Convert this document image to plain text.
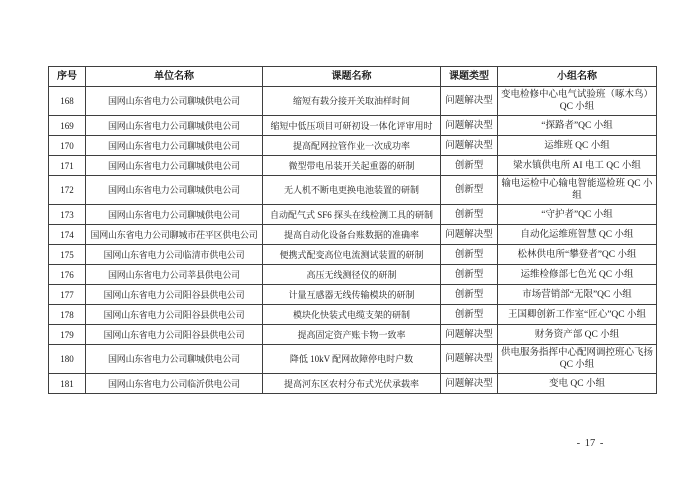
序号	单位名称	课题名称	课题类型	小组名称
168	国网山东省电力公司聊城供电公司	缩短有载分接开关取油样时间	问题解决型	变电检修中心电气试验班（啄木鸟）QC 小组
169	国网山东省电力公司聊城供电公司	缩短中低压项目可研初设一体化评审用时	问题解决型	“探路者”QC 小组
170	国网山东省电力公司聊城供电公司	提高配网拉管作业一次成功率	问题解决型	运维班 QC 小组
171	国网山东省电力公司聊城供电公司	微型带电吊装开关起重器的研制	创新型	梁水镇供电所 AI 电工 QC 小组
172	国网山东省电力公司聊城供电公司	无人机不断电更换电池装置的研制	创新型	输电运检中心输电智能巡检班 QC 小组
173	国网山东省电力公司聊城供电公司	自动配气式 SF6 探头在线检测工具的研制	创新型	“守护者”QC 小组
174	国网山东省电力公司聊城市茌平区供电公司	提高自动化设备台账数据的准确率	问题解决型	自动化运维班智慧 QC 小组
175	国网山东省电力公司临清市供电公司	便携式配变高位电流测试装置的研制	创新型	松林供电所“攀登者”QC 小组
176	国网山东省电力公司莘县供电公司	高压无线测径仪的研制	创新型	运维检修部七色光 QC 小组
177	国网山东省电力公司阳谷县供电公司	计量互感器无线传输模块的研制	创新型	市场营销部“无限”QC 小组
178	国网山东省电力公司阳谷县供电公司	模块化快装式电缆支架的研制	创新型	王国卿创新工作室“匠心”QC 小组
179	国网山东省电力公司阳谷县供电公司	提高固定资产账卡物一致率	问题解决型	财务资产部 QC 小组
180	国网山东省电力公司聊城供电公司	降低 10kV 配网故障停电时户数	问题解决型	供电服务指挥中心配网调控班心飞扬 QC 小组
181	国网山东省电力公司临沂供电公司	提高河东区农村分布式光伏承载率	问题解决型	变电 QC 小组
- 17 -
